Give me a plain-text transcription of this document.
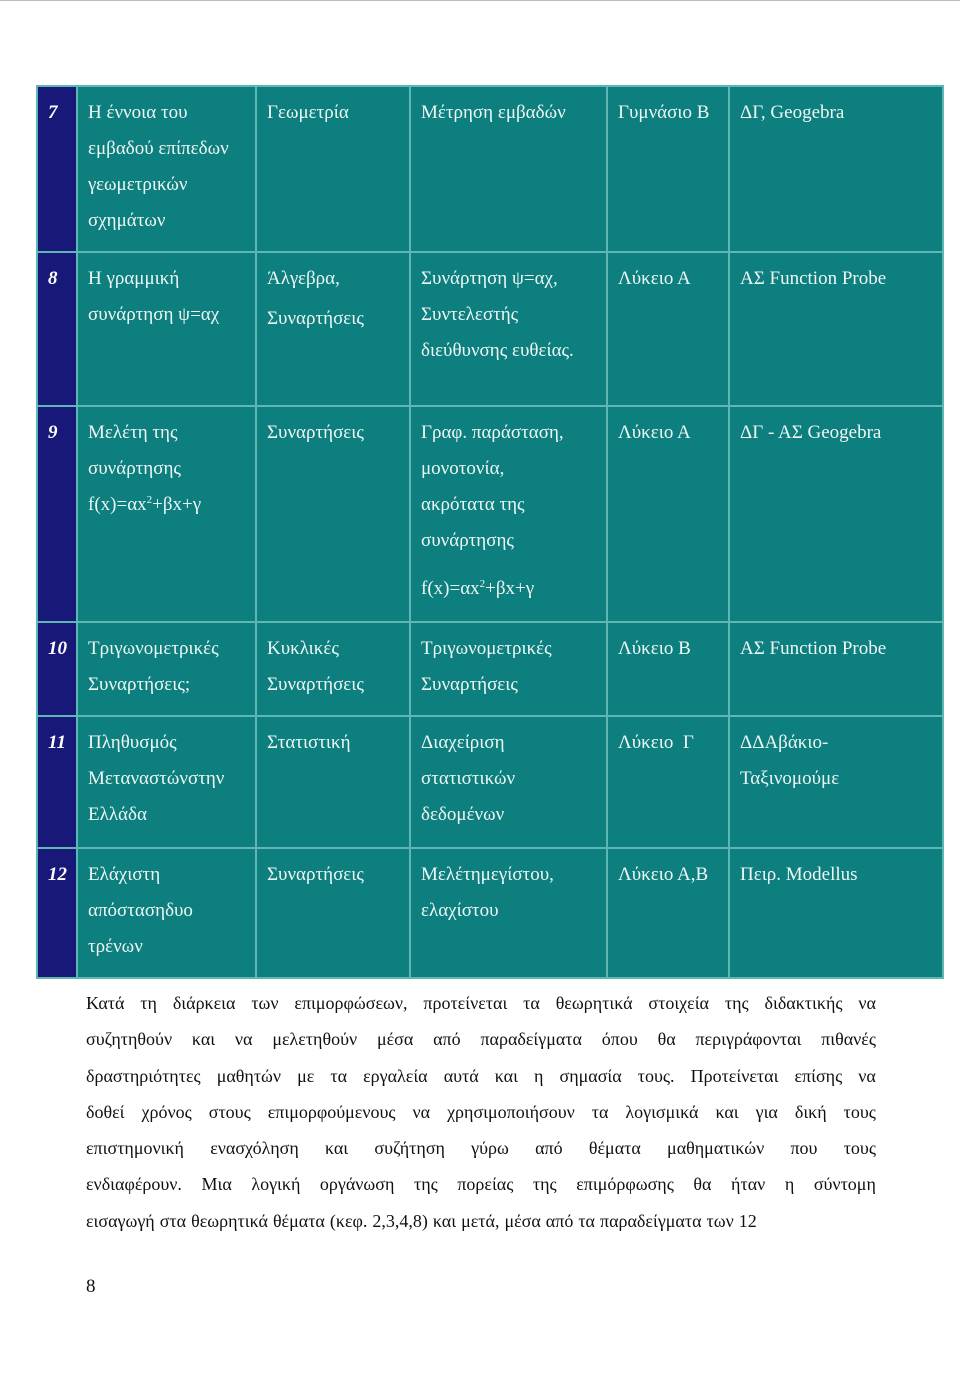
7	Η έννοια του
εμβαδού επίπεδων
γεωμετρικών
σχημάτων	Γεωμετρία	Μέτρηση εμβαδών	Γυμνάσιο Β	ΔΓ, Geogebra

8	Η γραμμική
συνάρτηση ψ=αχ	Άλγεβρα,
Συναρτήσεις	Συνάρτηση ψ=αχ,
Συντελεστής
διεύθυνσης ευθείας.	Λύκειο Α	ΑΣ Function Probe

9	Μελέτη της
συνάρτησης
$f(x)=\alpha x^2+\beta x+\gamma$	Συναρτήσεις	Γραφ. παράσταση,
μονοτονία,
ακρότατα της
συνάρτησης
$f(x)=\alpha x^2+\beta x+\gamma$	Λύκειο Α	ΔΓ - ΑΣ Geogebra

10	Τριγωνομετρικές
Συναρτήσεις;	Κυκλικές
Συναρτήσεις	Τριγωνομετρικές
Συναρτήσεις	Λύκειο Β	ΑΣ Function Probe

11	Πληθυσμός
Μεταναστώνστην
Ελλάδα	Στατιστική	Διαχείριση
στατιστικών
δεδομένων	Λύκειο  Γ	ΔΔΑβάκιο-
Ταξινομούμε

12	Ελάχιστη
απόστασηδυο
τρένων	Συναρτήσεις	Μελέτημεγίστου,
ελαχίστου	Λύκειο Α,Β	Πειρ. Modellus
Κατά τη διάρκεια των επιμορφώσεων, προτείνεται τα θεωρητικά στοιχεία της διδακτικής να
συζητηθούν και να μελετηθούν μέσα από παραδείγματα όπου θα περιγράφονται πιθανές
δραστηριότητες μαθητών με τα εργαλεία αυτά και η σημασία τους. Προτείνεται επίσης να
δοθεί χρόνος στους επιμορφούμενους να χρησιμοποιήσουν τα λογισμικά και για δική τους
επιστημονική ενασχόληση και συζήτηση γύρω από θέματα μαθηματικών που τους
ενδιαφέρουν. Μια λογική οργάνωση της πορείας της επιμόρφωσης θα ήταν η σύντομη
εισαγωγή στα θεωρητικά θέματα (κεφ. 2,3,4,8) και μετά, μέσα από τα παραδείγματα των 12
8
